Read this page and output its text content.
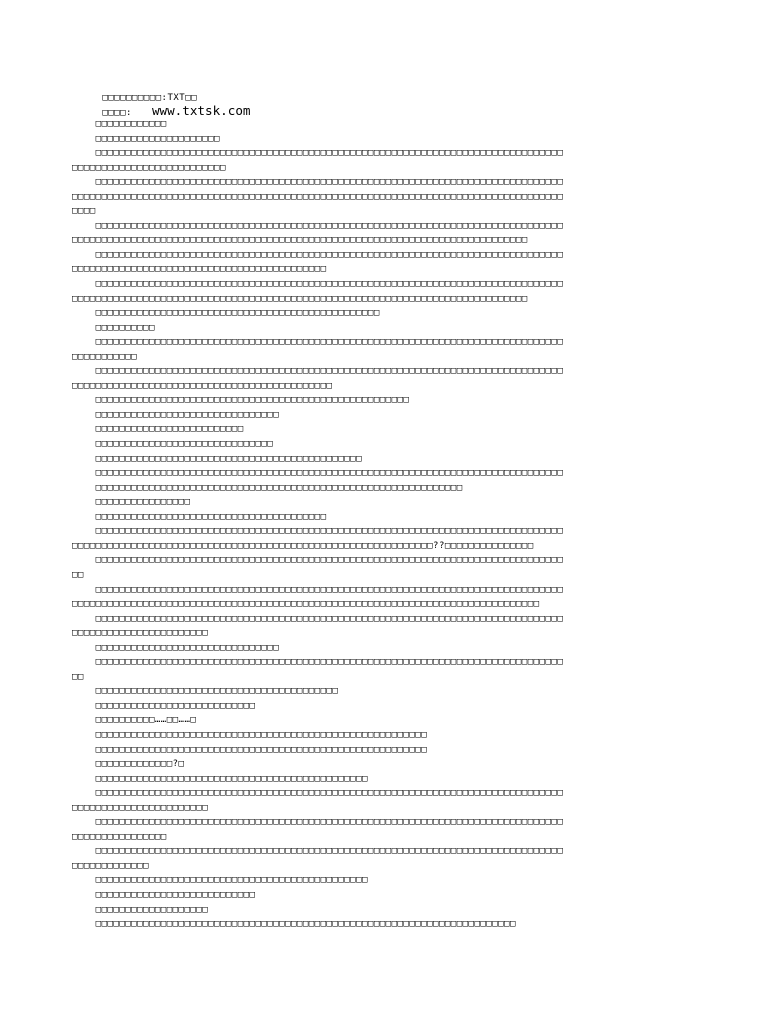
□□□□□□□□□□:TXT□□

□□□□: www.txtsk.com

□□□□□□□□□□□□
□□□□□□□□□□□□□□□□□□□□□
□□□□□□□□□□□□□□□□□□□□□□□□□□□□□□□□□□□□□□□□□□□□□□□□□□□□□□□□□□□□□□□□□□□□□□□□□□□□□□□
□□□□□□□□□□□□□□□□□□□□□□□□□□
□□□□□□□□□□□□□□□□□□□□□□□□□□□□□□□□□□□□□□□□□□□□□□□□□□□□□□□□□□□□□□□□□□□□□□□□□□□□□□□
□□□□□□□□□□□□□□□□□□□□□□□□□□□□□□□□□□□□□□□□□□□□□□□□□□□□□□□□□□□□□□□□□□□□□□□□□□□□□□□□□□□
□□□□
□□□□□□□□□□□□□□□□□□□□□□□□□□□□□□□□□□□□□□□□□□□□□□□□□□□□□□□□□□□□□□□□□□□□□□□□□□□□□□□
□□□□□□□□□□□□□□□□□□□□□□□□□□□□□□□□□□□□□□□□□□□□□□□□□□□□□□□□□□□□□□□□□□□□□□□□□□□□□
□□□□□□□□□□□□□□□□□□□□□□□□□□□□□□□□□□□□□□□□□□□□□□□□□□□□□□□□□□□□□□□□□□□□□□□□□□□□□□□
□□□□□□□□□□□□□□□□□□□□□□□□□□□□□□□□□□□□□□□□□□□
□□□□□□□□□□□□□□□□□□□□□□□□□□□□□□□□□□□□□□□□□□□□□□□□□□□□□□□□□□□□□□□□□□□□□□□□□□□□□□□
□□□□□□□□□□□□□□□□□□□□□□□□□□□□□□□□□□□□□□□□□□□□□□□□□□□□□□□□□□□□□□□□□□□□□□□□□□□□□
□□□□□□□□□□□□□□□□□□□□□□□□□□□□□□□□□□□□□□□□□□□□□□□□
□□□□□□□□□□
□□□□□□□□□□□□□□□□□□□□□□□□□□□□□□□□□□□□□□□□□□□□□□□□□□□□□□□□□□□□□□□□□□□□□□□□□□□□□□□
□□□□□□□□□□□
□□□□□□□□□□□□□□□□□□□□□□□□□□□□□□□□□□□□□□□□□□□□□□□□□□□□□□□□□□□□□□□□□□□□□□□□□□□□□□□
□□□□□□□□□□□□□□□□□□□□□□□□□□□□□□□□□□□□□□□□□□□□
□□□□□□□□□□□□□□□□□□□□□□□□□□□□□□□□□□□□□□□□□□□□□□□□□□□□□
□□□□□□□□□□□□□□□□□□□□□□□□□□□□□□□
□□□□□□□□□□□□□□□□□□□□□□□□□
□□□□□□□□□□□□□□□□□□□□□□□□□□□□□□
□□□□□□□□□□□□□□□□□□□□□□□□□□□□□□□□□□□□□□□□□□□□□
□□□□□□□□□□□□□□□□□□□□□□□□□□□□□□□□□□□□□□□□□□□□□□□□□□□□□□□□□□□□□□□□□□□□□□□□□□□□□□□
□□□□□□□□□□□□□□□□□□□□□□□□□□□□□□□□□□□□□□□□□□□□□□□□□□□□□□□□□□□□□□
□□□□□□□□□□□□□□□□
□□□□□□□□□□□□□□□□□□□□□□□□□□□□□□□□□□□□□□□
□□□□□□□□□□□□□□□□□□□□□□□□□□□□□□□□□□□□□□□□□□□□□□□□□□□□□□□□□□□□□□□□□□□□□□□□□□□□□□□
□□□□□□□□□□□□□□□□□□□□□□□□□□□□□□□□□□□□□□□□□□□□□□□□□□□□□□□□□□□□□??□□□□□□□□□□□□□□□
□□□□□□□□□□□□□□□□□□□□□□□□□□□□□□□□□□□□□□□□□□□□□□□□□□□□□□□□□□□□□□□□□□□□□□□□□□□□□□□
□□
□□□□□□□□□□□□□□□□□□□□□□□□□□□□□□□□□□□□□□□□□□□□□□□□□□□□□□□□□□□□□□□□□□□□□□□□□□□□□□□
□□□□□□□□□□□□□□□□□□□□□□□□□□□□□□□□□□□□□□□□□□□□□□□□□□□□□□□□□□□□□□□□□□□□□□□□□□□□□□□
□□□□□□□□□□□□□□□□□□□□□□□□□□□□□□□□□□□□□□□□□□□□□□□□□□□□□□□□□□□□□□□□□□□□□□□□□□□□□□□
□□□□□□□□□□□□□□□□□□□□□□□
□□□□□□□□□□□□□□□□□□□□□□□□□□□□□□□
□□□□□□□□□□□□□□□□□□□□□□□□□□□□□□□□□□□□□□□□□□□□□□□□□□□□□□□□□□□□□□□□□□□□□□□□□□□□□□□
□□
□□□□□□□□□□□□□□□□□□□□□□□□□□□□□□□□□□□□□□□□□
□□□□□□□□□□□□□□□□□□□□□□□□□□□
□□□□□□□□□□……□□……□
□□□□□□□□□□□□□□□□□□□□□□□□□□□□□□□□□□□□□□□□□□□□□□□□□□□□□□□□
□□□□□□□□□□□□□□□□□□□□□□□□□□□□□□□□□□□□□□□□□□□□□□□□□□□□□□□□
□□□□□□□□□□□□□?□
□□□□□□□□□□□□□□□□□□□□□□□□□□□□□□□□□□□□□□□□□□□□□□
□□□□□□□□□□□□□□□□□□□□□□□□□□□□□□□□□□□□□□□□□□□□□□□□□□□□□□□□□□□□□□□□□□□□□□□□□□□□□□□
□□□□□□□□□□□□□□□□□□□□□□□
□□□□□□□□□□□□□□□□□□□□□□□□□□□□□□□□□□□□□□□□□□□□□□□□□□□□□□□□□□□□□□□□□□□□□□□□□□□□□□□
□□□□□□□□□□□□□□□□
□□□□□□□□□□□□□□□□□□□□□□□□□□□□□□□□□□□□□□□□□□□□□□□□□□□□□□□□□□□□□□□□□□□□□□□□□□□□□□□
□□□□□□□□□□□□□
□□□□□□□□□□□□□□□□□□□□□□□□□□□□□□□□□□□□□□□□□□□□□□
□□□□□□□□□□□□□□□□□□□□□□□□□□□
□□□□□□□□□□□□□□□□□□□
□□□□□□□□□□□□□□□□□□□□□□□□□□□□□□□□□□□□□□□□□□□□□□□□□□□□□□□□□□□□□□□□□□□□□□□
